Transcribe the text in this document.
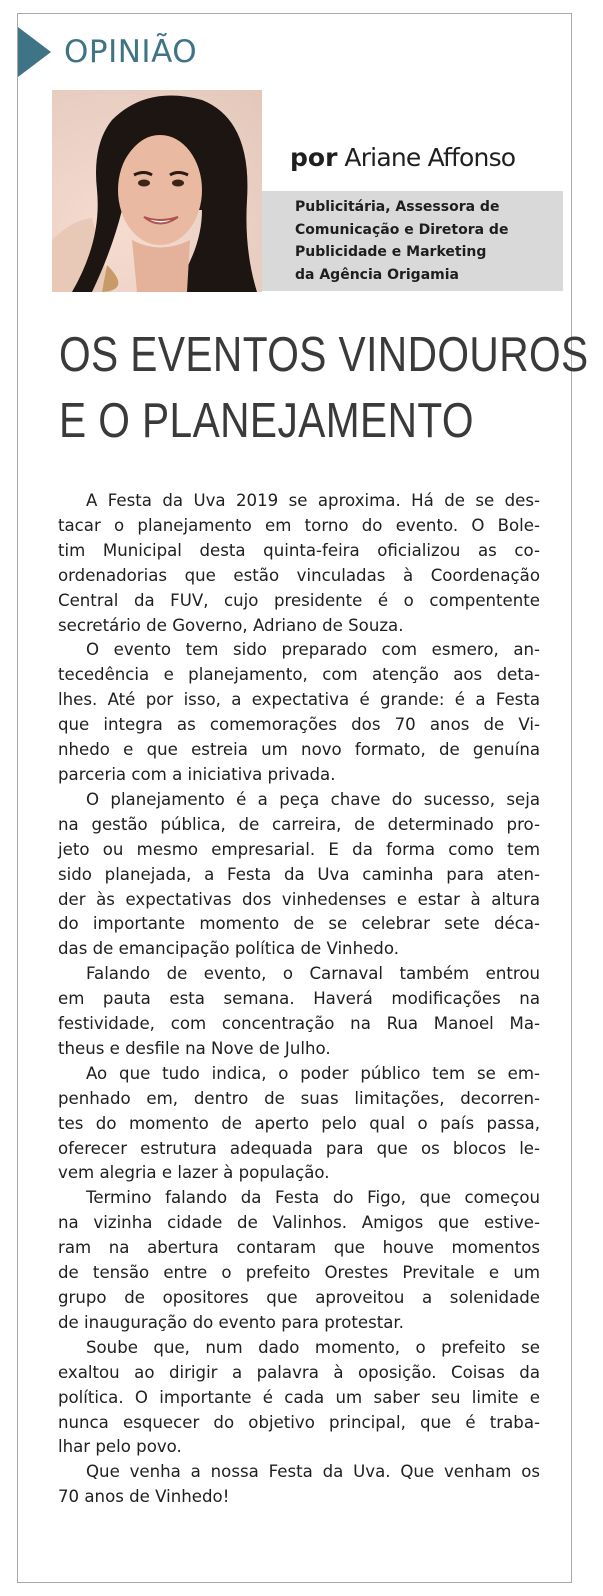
OPINIÃO
por Ariane Affonso
Publicitária, Assessora de
Comunicação e Diretora de
Publicidade e Marketing
da Agência Origamia
OS EVENTOS VINDOUROS
E O PLANEJAMENTO

A Festa da Uva 2019 se aproxima. Há de se des-
tacar o planejamento em torno do evento. O Bole-
tim Municipal desta quinta-feira oficializou as co-
ordenadorias que estão vinculadas à Coordenação
Central da FUV, cujo presidente é o compentente

secretário de Governo, Adriano de Souza.

O evento tem sido preparado com esmero, an-
tecedência e planejamento, com atenção aos deta-
lhes. Até por isso, a expectativa é grande: é a Festa
que integra as comemorações dos 70 anos de Vi-
nhedo e que estreia um novo formato, de genuína

parceria com a iniciativa privada.

O planejamento é a peça chave do sucesso, seja
na gestão pública, de carreira, de determinado pro-
jeto ou mesmo empresarial. E da forma como tem
sido planejada, a Festa da Uva caminha para aten-
der às expectativas dos vinhedenses e estar à altura
do importante momento de se celebrar sete déca-

das de emancipação política de Vinhedo.

Falando de evento, o Carnaval também entrou
em pauta esta semana. Haverá modificações na
festividade, com concentração na Rua Manoel Ma-

theus e desfile na Nove de Julho.

Ao que tudo indica, o poder público tem se em-
penhado em, dentro de suas limitações, decorren-
tes do momento de aperto pelo qual o país passa,
oferecer estrutura adequada para que os blocos le-

vem alegria e lazer à população.

Termino falando da Festa do Figo, que começou
na vizinha cidade de Valinhos. Amigos que estive-
ram na abertura contaram que houve momentos
de tensão entre o prefeito Orestes Previtale e um
grupo de opositores que aproveitou a solenidade

de inauguração do evento para protestar.

Soube que, num dado momento, o prefeito se
exaltou ao dirigir a palavra à oposição. Coisas da
política. O importante é cada um saber seu limite e
nunca esquecer do objetivo principal, que é traba-

lhar pelo povo.

Que venha a nossa Festa da Uva. Que venham os

70 anos de Vinhedo!
